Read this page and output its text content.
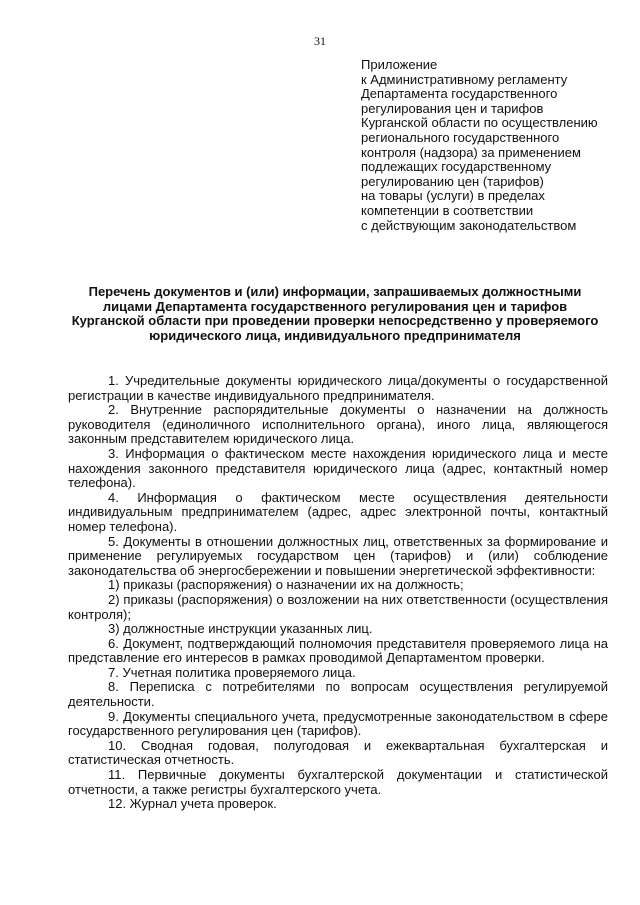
31
Приложение
к Административному регламенту
Департамента государственного
регулирования цен и тарифов
Курганской области по осуществлению
регионального государственного
контроля (надзора) за применением
подлежащих государственному
регулированию цен (тарифов)
на товары (услуги) в пределах
компетенции в соответствии
с действующим законодательством
Перечень документов и (или) информации, запрашиваемых должностными
лицами Департамента государственного регулирования цен и тарифов
Курганской области при проведении проверки непосредственно у проверяемого
юридического лица, индивидуального предпринимателя

1. Учредительные документы юридического лица/документы о государственной регистрации в качестве индивидуального предпринимателя.

2. Внутренние распорядительные документы о назначении на должность руководителя (единоличного исполнительного органа), иного лица, являющегося законным представителем юридического лица.

3. Информация о фактическом месте нахождения юридического лица и месте нахождения законного представителя юридического лица (адрес, контактный номер телефона).

4. Информация о фактическом месте осуществления деятельности индивидуальным предпринимателем (адрес, адрес электронной почты, контактный номер телефона).

5. Документы в отношении должностных лиц, ответственных за формирование и применение регулируемых государством цен (тарифов) и (или) соблюдение законодательства об энергосбережении и повышении энергетической эффективности:

1) приказы (распоряжения) о назначении их на должность;

2) приказы (распоряжения) о возложении на них ответственности (осуществления контроля);

3) должностные инструкции указанных лиц.

6. Документ, подтверждающий полномочия представителя проверяемого лица на представление его интересов в рамках проводимой Департаментом проверки.

7. Учетная политика проверяемого лица.

8. Переписка с потребителями по вопросам осуществления регулируемой деятельности.

9. Документы специального учета, предусмотренные законодательством в сфере государственного регулирования цен (тарифов).

10. Сводная годовая, полугодовая и ежеквартальная бухгалтерская и статистическая отчетность.

11. Первичные документы бухгалтерской документации и статистической отчетности, а также регистры бухгалтерского учета.

12. Журнал учета проверок.
